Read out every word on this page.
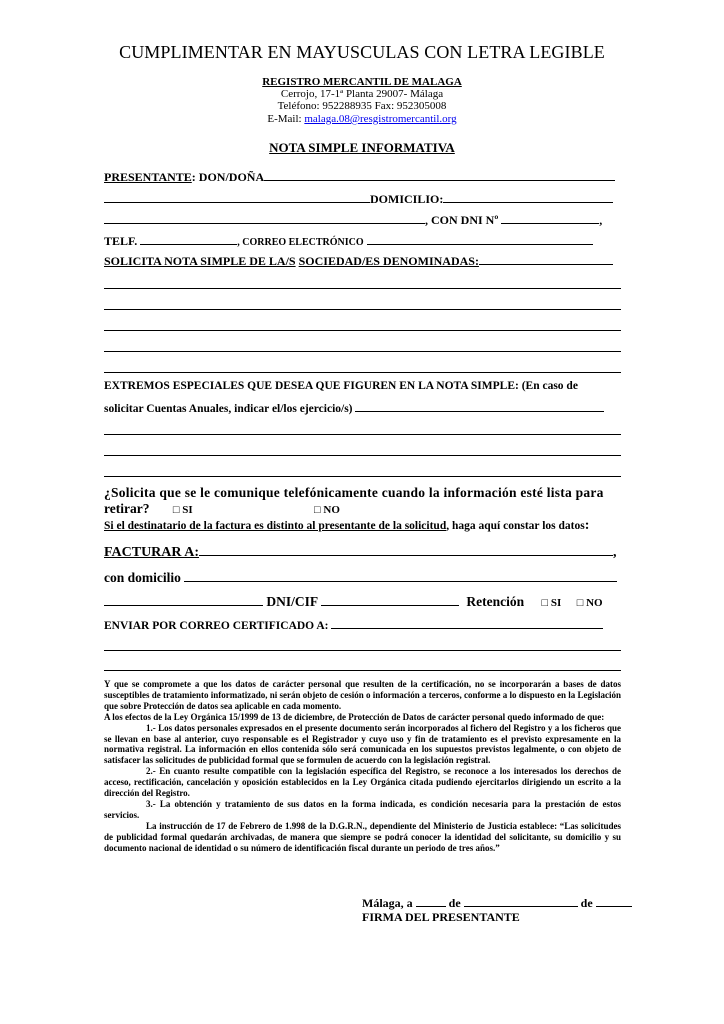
CUMPLIMENTAR EN MAYUSCULAS CON LETRA LEGIBLE
REGISTRO MERCANTIL DE MALAGA
Cerrojo, 17-1ª Planta 29007- Málaga
Teléfono: 952288935 Fax: 952305008
E-Mail: malaga.08@resgistromercantil.org
NOTA SIMPLE INFORMATIVA
PRESENTANTE: DON/DOÑA
DOMICILIO:
, CON DNI Nº	,
TELF.	, CORREO ELECTRÓNICO
SOLICITA NOTA SIMPLE DE LA/S SOCIEDAD/ES DENOMINADAS:
EXTREMOS ESPECIALES QUE DESEA QUE FIGUREN EN LA NOTA SIMPLE: (En caso de
solicitar Cuentas Anuales, indicar el/los ejercicio/s)
¿Solicita que se le comunique telefónicamente cuando la información esté lista para
retirar? □ SI	□ NO
Si el destinatario de la factura es distinto al presentante de la solicitud, haga aquí constar los datos:
FACTURAR A:	,
con domicilio
DNI/CIF	Retención □ SI □ NO
ENVIAR POR CORREO CERTIFICADO A:

Y que se compromete a que los datos de carácter personal que resulten de la certificación, no se incorporarán a bases de datos susceptibles de tratamiento informatizado, ni serán objeto de cesión o información a terceros, conforme a lo dispuesto en la Legislación que sobre Protección de datos sea aplicable en cada momento.

A los efectos de la Ley Orgánica 15/1999 de 13 de diciembre, de Protección de Datos de carácter personal quedo informado de que:

1.- Los datos personales expresados en el presente documento serán incorporados al fichero del Registro y a los ficheros que se llevan en base al anterior, cuyo responsable es el Registrador y cuyo uso y fin de tratamiento es el previsto expresamente en la normativa registral. La información en ellos contenida sólo será comunicada en los supuestos previstos legalmente, o con objeto de satisfacer las solicitudes de publicidad formal que se formulen de acuerdo con la legislación registral.

2.- En cuanto resulte compatible con la legislación específica del Registro, se reconoce a los interesados los derechos de acceso, rectificación, cancelación y oposición establecidos en la Ley Orgánica citada pudiendo ejercitarlos dirigiendo un escrito a la dirección del Registro.

3.- La obtención y tratamiento de sus datos en la forma indicada, es condición necesaria para la prestación de estos servicios.

La instrucción de 17 de Febrero de 1.998 de la D.G.R.N., dependiente del Ministerio de Justicia establece: “Las solicitudes de publicidad formal quedarán archivadas, de manera que siempre se podrá conocer la identidad del solicitante, su domicilio y su documento nacional de identidad o su número de identificación fiscal durante un periodo de tres años.”

Málaga, a	de	de
FIRMA DEL PRESENTANTE
